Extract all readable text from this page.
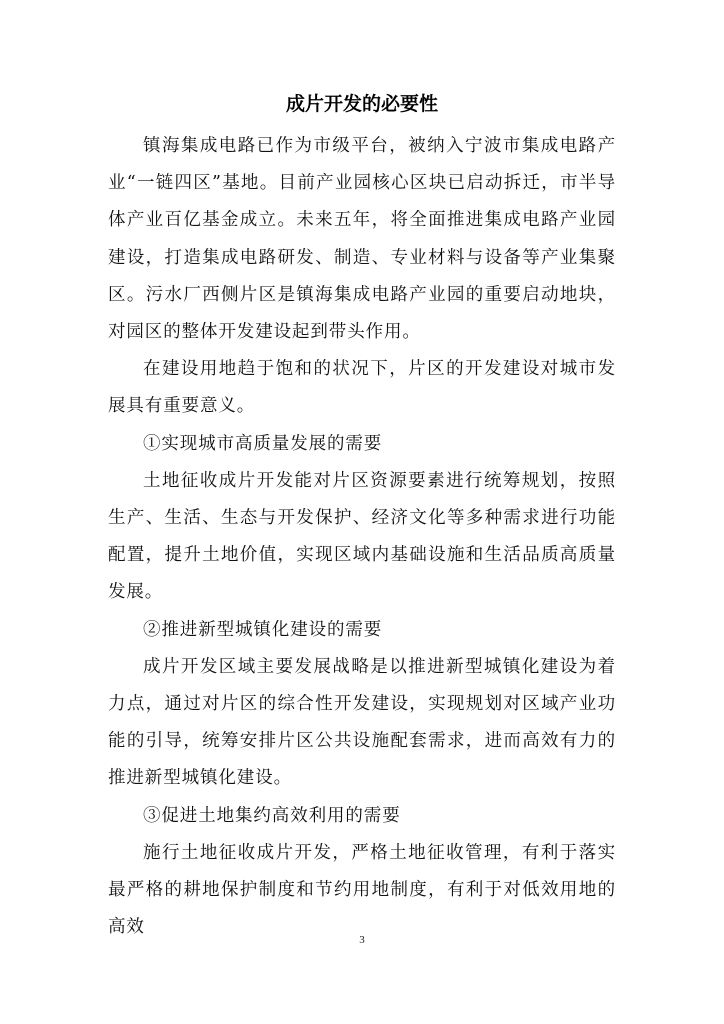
成片开发的必要性

镇海集成电路已作为市级平台，被纳入宁波市集成电路产业“一链四区”基地。目前产业园核心区块已启动拆迁，市半导体产业百亿基金成立。未来五年，将全面推进集成电路产业园建设，打造集成电路研发、制造、专业材料与设备等产业集聚区。污水厂西侧片区是镇海集成电路产业园的重要启动地块，对园区的整体开发建设起到带头作用。

在建设用地趋于饱和的状况下，片区的开发建设对城市发展具有重要意义。

①实现城市高质量发展的需要

土地征收成片开发能对片区资源要素进行统筹规划，按照生产、生活、生态与开发保护、经济文化等多种需求进行功能配置，提升土地价值，实现区域内基础设施和生活品质高质量发展。

②推进新型城镇化建设的需要

成片开发区域主要发展战略是以推进新型城镇化建设为着力点，通过对片区的综合性开发建设，实现规划对区域产业功能的引导，统筹安排片区公共设施配套需求，进而高效有力的推进新型城镇化建设。

③促进土地集约高效利用的需要

施行土地征收成片开发，严格土地征收管理，有利于落实最严格的耕地保护制度和节约用地制度，有利于对低效用地的高效

3
